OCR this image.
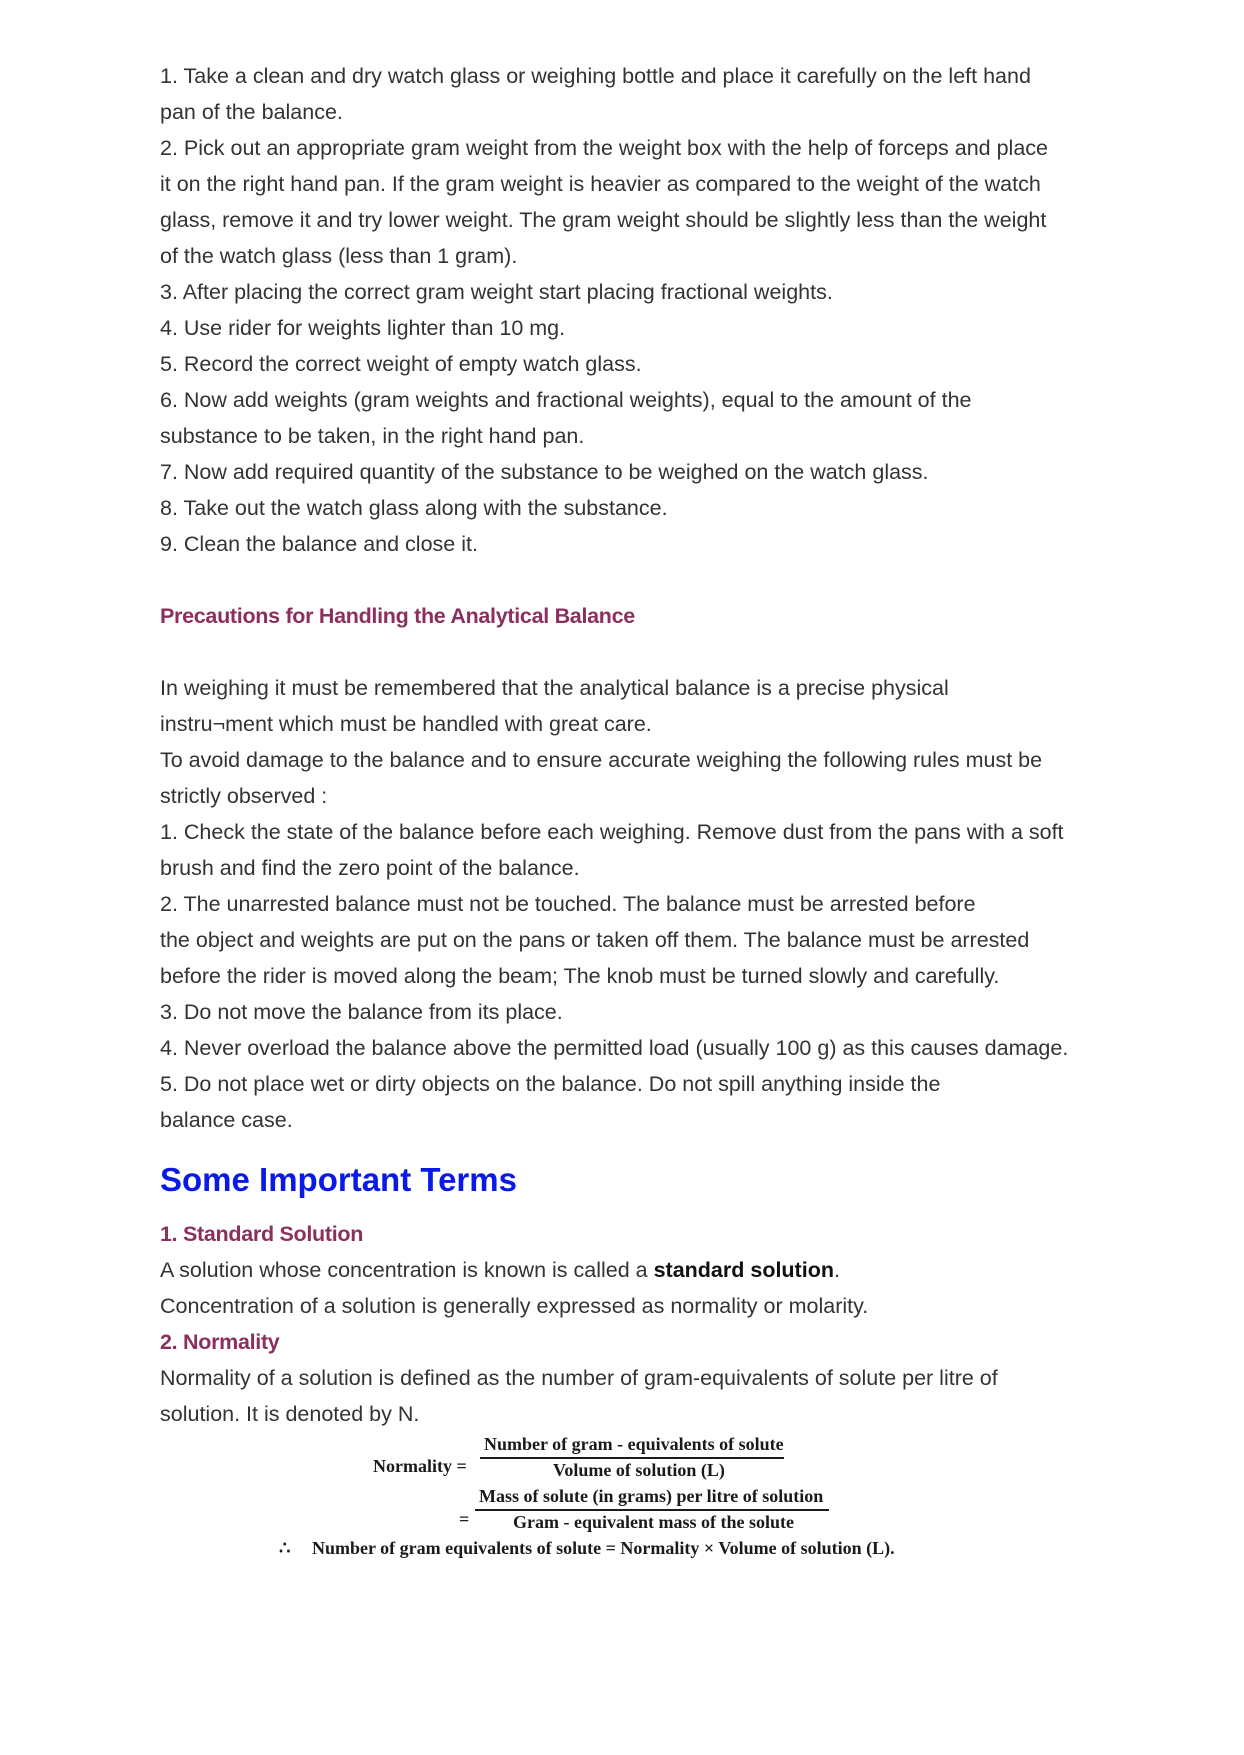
1. Take a clean and dry watch glass or weighing bottle and place it carefully on the left hand
pan of the balance.
2. Pick out an appropriate gram weight from the weight box with the help of forceps and place
it on the right hand pan. If the gram weight is heavier as compared to the weight of the watch
glass, remove it and try lower weight. The gram weight should be slightly less than the weight
of the watch glass (less than 1 gram).
3. After placing the correct gram weight start placing fractional weights.
4. Use rider for weights lighter than 10 mg.
5. Record the correct weight of empty watch glass.
6. Now add weights (gram weights and fractional weights), equal to the amount of the
substance to be taken, in the right hand pan.
7. Now add required quantity of the substance to be weighed on the watch glass.
8. Take out the watch glass along with the substance.
9. Clean the balance and close it.
Precautions for Handling the Analytical Balance
In weighing it must be remembered that the analytical balance is a precise physical
instru¬ment which must be handled with great care.
To avoid damage to the balance and to ensure accurate weighing the following rules must be
strictly observed :
1. Check the state of the balance before each weighing. Remove dust from the pans with a soft
brush and find the zero point of the balance.
2. The unarrested balance must not be touched. The balance must be arrested before
the object and weights are put on the pans or taken off them. The balance must be arrested
before the rider is moved along the beam; The knob must be turned slowly and carefully.
3. Do not move the balance from its place.
4. Never overload the balance above the permitted load (usually 100 g) as this causes damage.
5. Do not place wet or dirty objects on the balance. Do not spill anything inside the
balance case.
Some Important Terms
1. Standard Solution
A solution whose concentration is known is called a standard solution.
Concentration of a solution is generally expressed as normality or molarity.
2. Normality
Normality of a solution is defined as the number of gram-equivalents of solute per litre of
solution. It is denoted by N.
Normality =
Number of gram - equivalents of solute
Volume of solution (L)
=
Mass of solute (in grams) per litre of solution
Gram - equivalent mass of the solute
∴ Number of gram equivalents of solute = Normality × Volume of solution (L).
